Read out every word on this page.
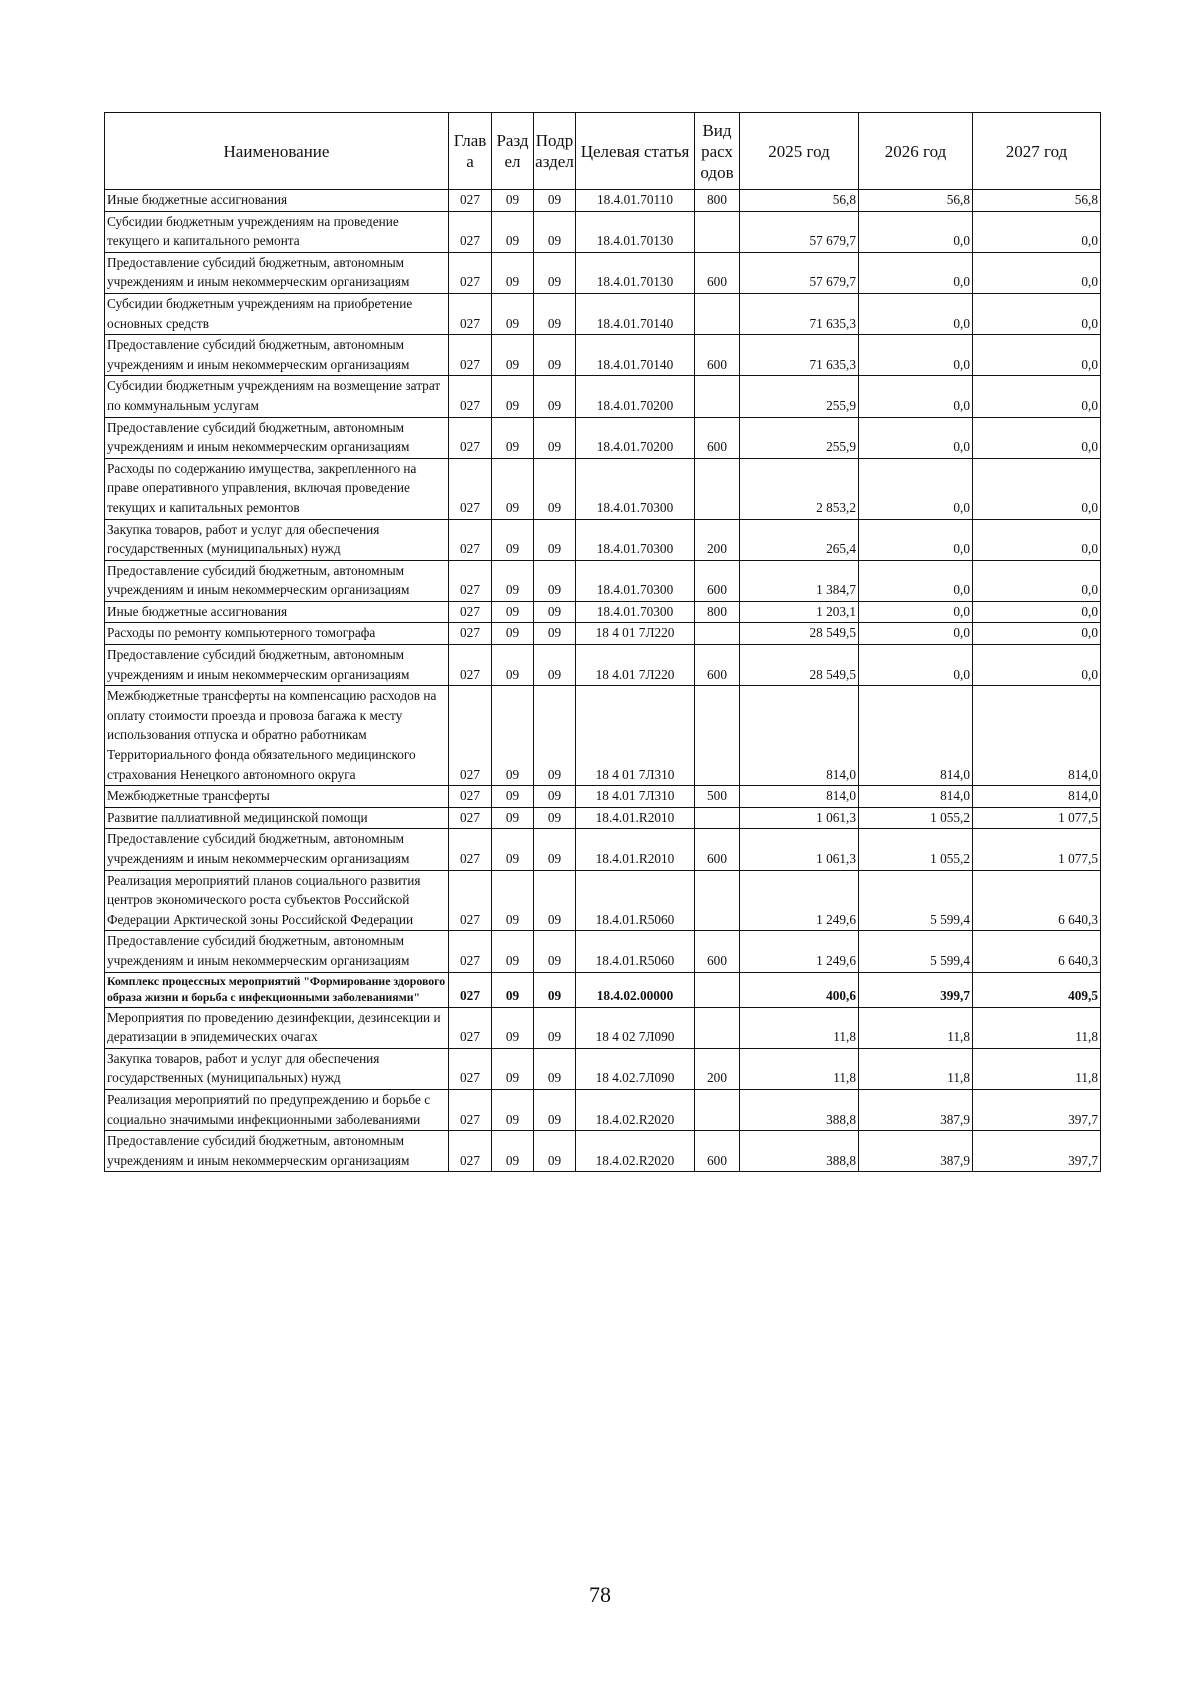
Наименование	Глав а	Разд ел	Подр аздел	Целевая статья	Вид расх одов	2025 год	2026 год	2027 год
Иные бюджетные ассигнования	027	09	09	18.4.01.70110	800	56,8	56,8	56,8
Субсидии бюджетным учреждениям на проведение текущего и капитального ремонта	027	09	09	18.4.01.70130		57 679,7	0,0	0,0
Предоставление субсидий бюджетным, автономным учреждениям и иным некоммерческим организациям	027	09	09	18.4.01.70130	600	57 679,7	0,0	0,0
Субсидии бюджетным учреждениям на приобретение основных средств	027	09	09	18.4.01.70140		71 635,3	0,0	0,0
Предоставление субсидий бюджетным, автономным учреждениям и иным некоммерческим организациям	027	09	09	18.4.01.70140	600	71 635,3	0,0	0,0
Субсидии бюджетным учреждениям на возмещение затрат по коммунальным услугам	027	09	09	18.4.01.70200		255,9	0,0	0,0
Предоставление субсидий бюджетным, автономным учреждениям и иным некоммерческим организациям	027	09	09	18.4.01.70200	600	255,9	0,0	0,0
Расходы по содержанию имущества, закрепленного на праве оперативного управления, включая проведение текущих и капитальных ремонтов	027	09	09	18.4.01.70300		2 853,2	0,0	0,0
Закупка товаров, работ и услуг для обеспечения государственных (муниципальных) нужд	027	09	09	18.4.01.70300	200	265,4	0,0	0,0
Предоставление субсидий бюджетным, автономным учреждениям и иным некоммерческим организациям	027	09	09	18.4.01.70300	600	1 384,7	0,0	0,0
Иные бюджетные ассигнования	027	09	09	18.4.01.70300	800	1 203,1	0,0	0,0
Расходы по ремонту компьютерного томографа	027	09	09	18 4 01 7Л220		28 549,5	0,0	0,0
Предоставление субсидий бюджетным, автономным учреждениям и иным некоммерческим организациям	027	09	09	18 4.01 7Л220	600	28 549,5	0,0	0,0
Межбюджетные трансферты на компенсацию расходов на оплату стоимости проезда и провоза багажа к месту использования отпуска и обратно работникам Территориального фонда обязательного медицинского страхования Ненецкого автономного округа	027	09	09	18 4 01 7Л310		814,0	814,0	814,0
Межбюджетные трансферты	027	09	09	18 4.01 7Л310	500	814,0	814,0	814,0
Развитие паллиативной медицинской помощи	027	09	09	18.4.01.R2010		1 061,3	1 055,2	1 077,5
Предоставление субсидий бюджетным, автономным учреждениям и иным некоммерческим организациям	027	09	09	18.4.01.R2010	600	1 061,3	1 055,2	1 077,5
Реализация мероприятий планов социального развития центров экономического роста субъектов Российской Федерации Арктической зоны Российской Федерации	027	09	09	18.4.01.R5060		1 249,6	5 599,4	6 640,3
Предоставление субсидий бюджетным, автономным учреждениям и иным некоммерческим организациям	027	09	09	18.4.01.R5060	600	1 249,6	5 599,4	6 640,3
Комплекс процессных мероприятий "Формирование здорового образа жизни и борьба с инфекционными заболеваниями"	027	09	09	18.4.02.00000		400,6	399,7	409,5
Мероприятия по проведению дезинфекции, дезинсекции и дератизации в эпидемических очагах	027	09	09	18 4 02 7Л090		11,8	11,8	11,8
Закупка товаров, работ и услуг для обеспечения государственных (муниципальных) нужд	027	09	09	18 4.02.7Л090	200	11,8	11,8	11,8
Реализация мероприятий по предупреждению и борьбе с социально значимыми инфекционными заболеваниями	027	09	09	18.4.02.R2020		388,8	387,9	397,7
Предоставление субсидий бюджетным, автономным учреждениям и иным некоммерческим организациям	027	09	09	18.4.02.R2020	600	388,8	387,9	397,7
78
